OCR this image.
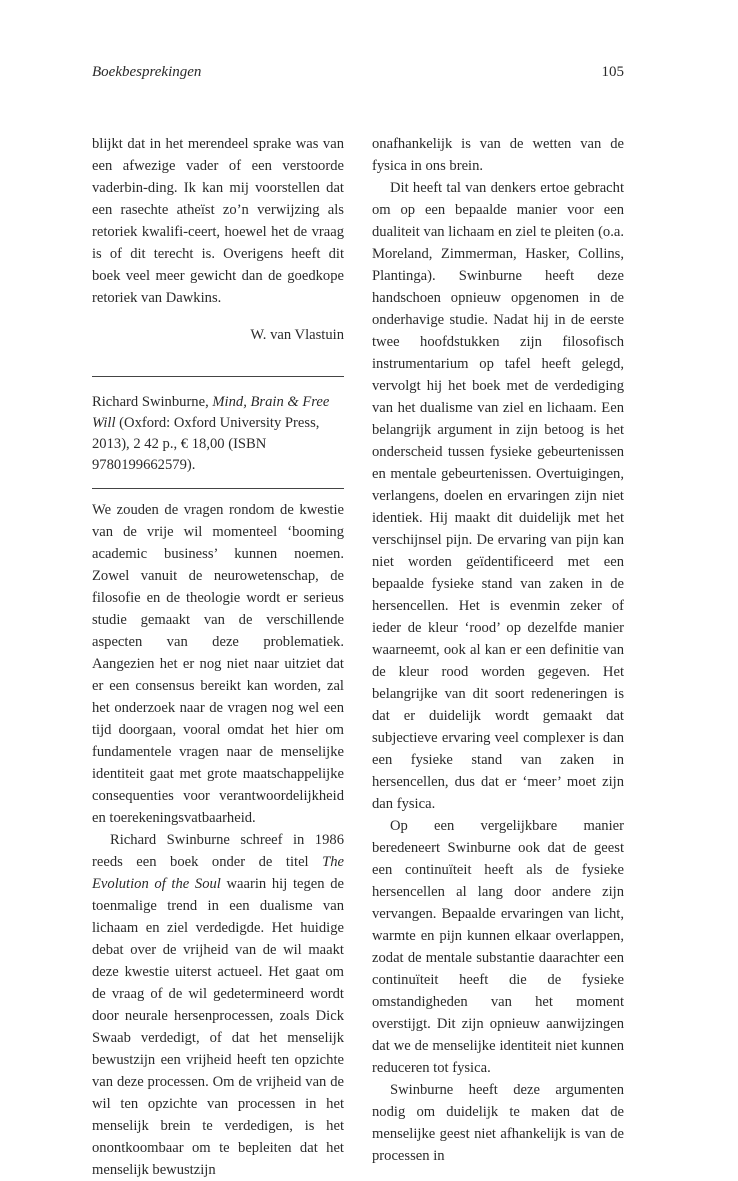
Boekbesprekingen	105

blijkt dat in het merendeel sprake was van een afwezige vader of een verstoorde vaderbin-ding. Ik kan mij voorstellen dat een rasechte atheïst zo’n verwijzing als retoriek kwalifi-ceert, hoewel het de vraag is of dit terecht is. Overigens heeft dit boek veel meer gewicht dan de goedkope retoriek van Dawkins.

W. van Vlastuin

Richard Swinburne, Mind, Brain & Free Will (Oxford: Oxford University Press, 2013), 2 42 p., € 18,00 (ISBN 9780199662579).

We zouden de vragen rondom de kwestie van de vrije wil momenteel ‘booming academic business’ kunnen noemen. Zowel vanuit de neurowetenschap, de filosofie en de theologie wordt er serieus studie gemaakt van de verschillende aspecten van deze problematiek. Aangezien het er nog niet naar uitziet dat er een consensus bereikt kan worden, zal het onderzoek naar de vragen nog wel een tijd doorgaan, vooral omdat het hier om fundamentele vragen naar de menselijke identiteit gaat met grote maatschappelijke consequenties voor verantwoordelijkheid en toerekeningsvatbaarheid.

Richard Swinburne schreef in 1986 reeds een boek onder de titel The Evolution of the Soul waarin hij tegen de toenmalige trend in een dualisme van lichaam en ziel verdedigde. Het huidige debat over de vrijheid van de wil maakt deze kwestie uiterst actueel. Het gaat om de vraag of de wil gedetermineerd wordt door neurale hersenprocessen, zoals Dick Swaab verdedigt, of dat het menselijk bewustzijn een vrijheid heeft ten opzichte van deze processen. Om de vrijheid van de wil ten opzichte van processen in het menselijk brein te verdedigen, is het onontkoombaar om te bepleiten dat het menselijk bewustzijn

onafhankelijk is van de wetten van de fysica in ons brein.

Dit heeft tal van denkers ertoe gebracht om op een bepaalde manier voor een dualiteit van lichaam en ziel te pleiten (o.a. Moreland, Zimmerman, Hasker, Collins, Plantinga). Swinburne heeft deze handschoen opnieuw opgenomen in de onderhavige studie. Nadat hij in de eerste twee hoofdstukken zijn filosofisch instrumentarium op tafel heeft gelegd, vervolgt hij het boek met de verdediging van het dualisme van ziel en lichaam. Een belangrijk argument in zijn betoog is het onderscheid tussen fysieke gebeurtenissen en mentale gebeurtenissen. Overtuigingen, verlangens, doelen en ervaringen zijn niet identiek. Hij maakt dit duidelijk met het verschijnsel pijn. De ervaring van pijn kan niet worden geïdentificeerd met een bepaalde fysieke stand van zaken in de hersencellen. Het is evenmin zeker of ieder de kleur ‘rood’ op dezelfde manier waarneemt, ook al kan er een definitie van de kleur rood worden gegeven. Het belangrijke van dit soort redeneringen is dat er duidelijk wordt gemaakt dat subjectieve ervaring veel complexer is dan een fysieke stand van zaken in hersencellen, dus dat er ‘meer’ moet zijn dan fysica.

Op een vergelijkbare manier beredeneert Swinburne ook dat de geest een continuïteit heeft als de fysieke hersencellen al lang door andere zijn vervangen. Bepaalde ervaringen van licht, warmte en pijn kunnen elkaar overlappen, zodat de mentale substantie daarachter een continuïteit heeft die de fysieke omstandigheden van het moment overstijgt. Dit zijn opnieuw aanwijzingen dat we de menselijke identiteit niet kunnen reduceren tot fysica.

Swinburne heeft deze argumenten nodig om duidelijk te maken dat de menselijke geest niet afhankelijk is van de processen in
